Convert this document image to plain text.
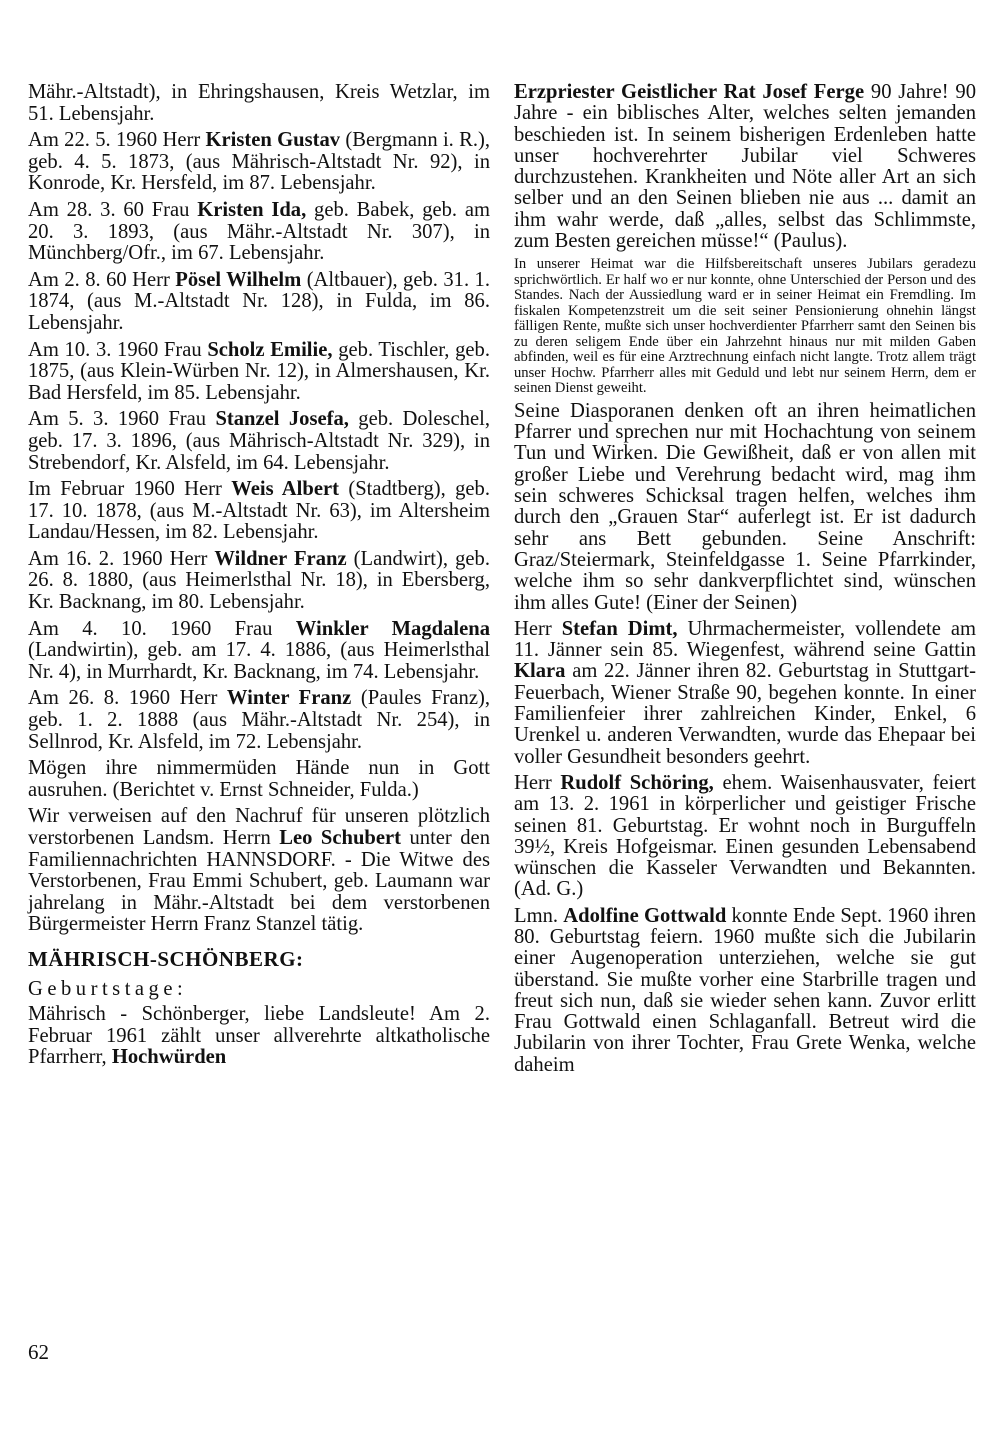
Mähr.-Altstadt), in Ehringshausen, Kreis Wetzlar, im 51. Lebensjahr.

Am 22. 5. 1960 Herr Kristen Gustav (Bergmann i. R.), geb. 4. 5. 1873, (aus Mährisch-Altstadt Nr. 92), in Konrode, Kr. Hersfeld, im 87. Lebensjahr.

Am 28. 3. 60 Frau Kristen Ida, geb. Babek, geb. am 20. 3. 1893, (aus Mähr.-Altstadt Nr. 307), in Münchberg/Ofr., im 67. Lebensjahr.

Am 2. 8. 60 Herr Pösel Wilhelm (Altbauer), geb. 31. 1. 1874, (aus M.-Altstadt Nr. 128), in Fulda, im 86. Lebensjahr.

Am 10. 3. 1960 Frau Scholz Emilie, geb. Tischler, geb. 1875, (aus Klein-Würben Nr. 12), in Almershausen, Kr. Bad Hersfeld, im 85. Lebensjahr.

Am 5. 3. 1960 Frau Stanzel Josefa, geb. Doleschel, geb. 17. 3. 1896, (aus Mährisch-Altstadt Nr. 329), in Strebendorf, Kr. Alsfeld, im 64. Lebensjahr.

Im Februar 1960 Herr Weis Albert (Stadtberg), geb. 17. 10. 1878, (aus M.-Altstadt Nr. 63), im Altersheim Landau/Hessen, im 82. Lebensjahr.

Am 16. 2. 1960 Herr Wildner Franz (Landwirt), geb. 26. 8. 1880, (aus Heimerlsthal Nr. 18), in Ebersberg, Kr. Backnang, im 80. Lebensjahr.

Am 4. 10. 1960 Frau Winkler Magdalena (Landwirtin), geb. am 17. 4. 1886, (aus Heimerlsthal Nr. 4), in Murrhardt, Kr. Backnang, im 74. Lebensjahr.

Am 26. 8. 1960 Herr Winter Franz (Paules Franz), geb. 1. 2. 1888 (aus Mähr.-Altstadt Nr. 254), in Sellnrod, Kr. Alsfeld, im 72. Lebensjahr.

Mögen ihre nimmermüden Hände nun in Gott ausruhen. (Berichtet v. Ernst Schneider, Fulda.)

Wir verweisen auf den Nachruf für unseren plötzlich verstorbenen Landsm. Herrn Leo Schubert unter den Familiennachrichten HANNSDORF. - Die Witwe des Verstorbenen, Frau Emmi Schubert, geb. Laumann war jahrelang in Mähr.-Altstadt bei dem verstorbenen Bürgermeister Herrn Franz Stanzel tätig.

MÄHRISCH-SCHÖNBERG:
Geburtstage:

Mährisch - Schönberger, liebe Landsleute! Am 2. Februar 1961 zählt unser allverehrte altkatholische Pfarrherr, Hochwürden

Erzpriester Geistlicher Rat Josef Ferge 90 Jahre! 90 Jahre - ein biblisches Alter, welches selten jemanden beschieden ist. In seinem bisherigen Erdenleben hatte unser hochverehrter Jubilar viel Schweres durchzustehen. Krankheiten und Nöte aller Art an sich selber und an den Seinen blieben nie aus ... damit an ihm wahr werde, daß „alles, selbst das Schlimmste, zum Besten gereichen müsse!“ (Paulus).

In unserer Heimat war die Hilfsbereitschaft unseres Jubilars geradezu sprichwörtlich. Er half wo er nur konnte, ohne Unterschied der Person und des Standes. Nach der Aussiedlung ward er in seiner Heimat ein Fremdling. Im fiskalen Kompetenzstreit um die seit seiner Pensionierung ohnehin längst fälligen Rente, mußte sich unser hochverdienter Pfarrherr samt den Seinen bis zu deren seligem Ende über ein Jahrzehnt hinaus nur mit milden Gaben abfinden, weil es für eine Arztrechnung einfach nicht langte. Trotz allem trägt unser Hochw. Pfarrherr alles mit Geduld und lebt nur seinem Herrn, dem er seinen Dienst geweiht.

Seine Diasporanen denken oft an ihren heimatlichen Pfarrer und sprechen nur mit Hochachtung von seinem Tun und Wirken. Die Gewißheit, daß er von allen mit großer Liebe und Verehrung bedacht wird, mag ihm sein schweres Schicksal tragen helfen, welches ihm durch den „Grauen Star“ auferlegt ist. Er ist dadurch sehr ans Bett gebunden. Seine Anschrift: Graz/Steiermark, Steinfeldgasse 1. Seine Pfarrkinder, welche ihm so sehr dankverpflichtet sind, wünschen ihm alles Gute! (Einer der Seinen)

Herr Stefan Dimt, Uhrmachermeister, vollendete am 11. Jänner sein 85. Wiegenfest, während seine Gattin Klara am 22. Jänner ihren 82. Geburtstag in Stuttgart-Feuerbach, Wiener Straße 90, begehen konnte. In einer Familienfeier ihrer zahlreichen Kinder, Enkel, 6 Urenkel u. anderen Verwandten, wurde das Ehepaar bei voller Gesundheit besonders geehrt.

Herr Rudolf Schöring, ehem. Waisenhausvater, feiert am 13. 2. 1961 in körperlicher und geistiger Frische seinen 81. Geburtstag. Er wohnt noch in Burguffeln 39½, Kreis Hofgeismar. Einen gesunden Lebensabend wünschen die Kasseler Verwandten und Bekannten. (Ad. G.)

Lmn. Adolfine Gottwald konnte Ende Sept. 1960 ihren 80. Geburtstag feiern. 1960 mußte sich die Jubilarin einer Augenoperation unterziehen, welche sie gut überstand. Sie mußte vorher eine Starbrille tragen und freut sich nun, daß sie wieder sehen kann. Zuvor erlitt Frau Gottwald einen Schlaganfall. Betreut wird die Jubilarin von ihrer Tochter, Frau Grete Wenka, welche daheim

62
